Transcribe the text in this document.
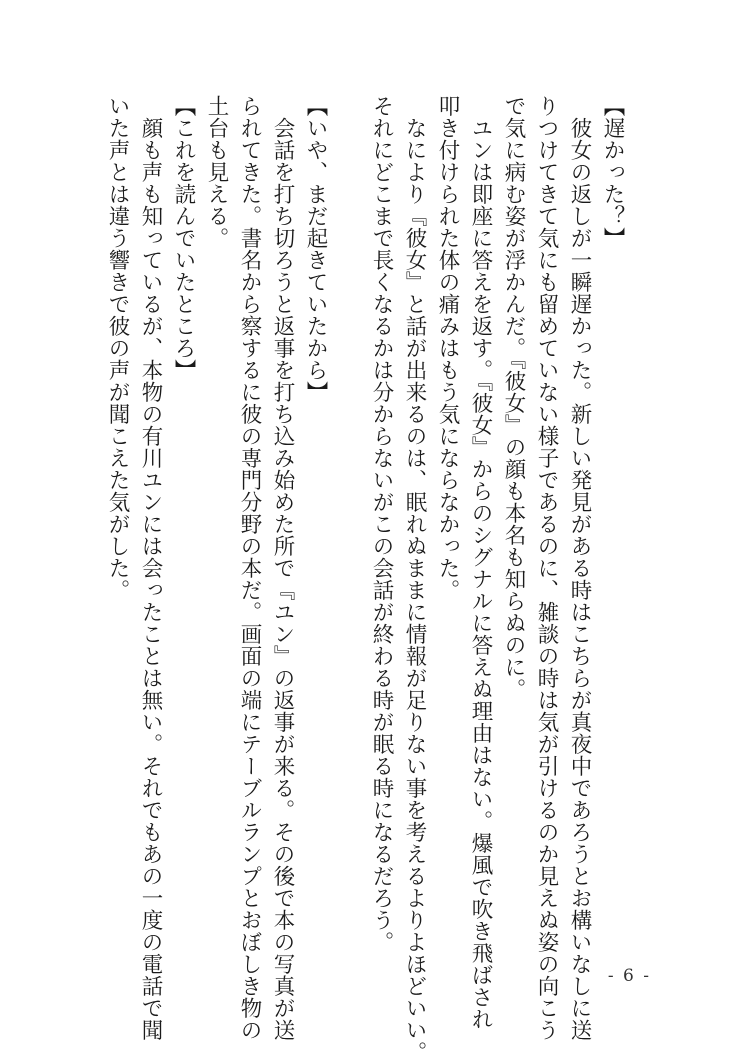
【遅かった？】
　彼女の返しが一瞬遅かった。新しい発見がある時はこちらが真夜中であろうとお構いなしに送
りつけてきて気にも留めていない様子であるのに、雑談の時は気が引けるのか見えぬ姿の向こう
で気に病む姿が浮かんだ。『彼女』の顔も本名も知らぬのに。
　ユンは即座に答えを返す。『彼女』からのシグナルに答えぬ理由はない。爆風で吹き飛ばされ
叩き付けられた体の痛みはもう気にならなかった。
　なにより『彼女』と話が出来るのは、眠れぬままに情報が足りない事を考えるよりよほどいい。
それにどこまで長くなるかは分からないがこの会話が終わる時が眠る時になるだろう。
【いや、まだ起きていたから】
　会話を打ち切ろうと返事を打ち込み始めた所で『ユン』の返事が来る。その後で本の写真が送
られてきた。書名から察するに彼の専門分野の本だ。画面の端にテーブルランプとおぼしき物の
土台も見える。
【これを読んでいたところ】
　顔も声も知っているが、本物の有川ユンには会ったことは無い。それでもあの一度の電話で聞
いた声とは違う響きで彼の声が聞こえた気がした。
- 6 -
